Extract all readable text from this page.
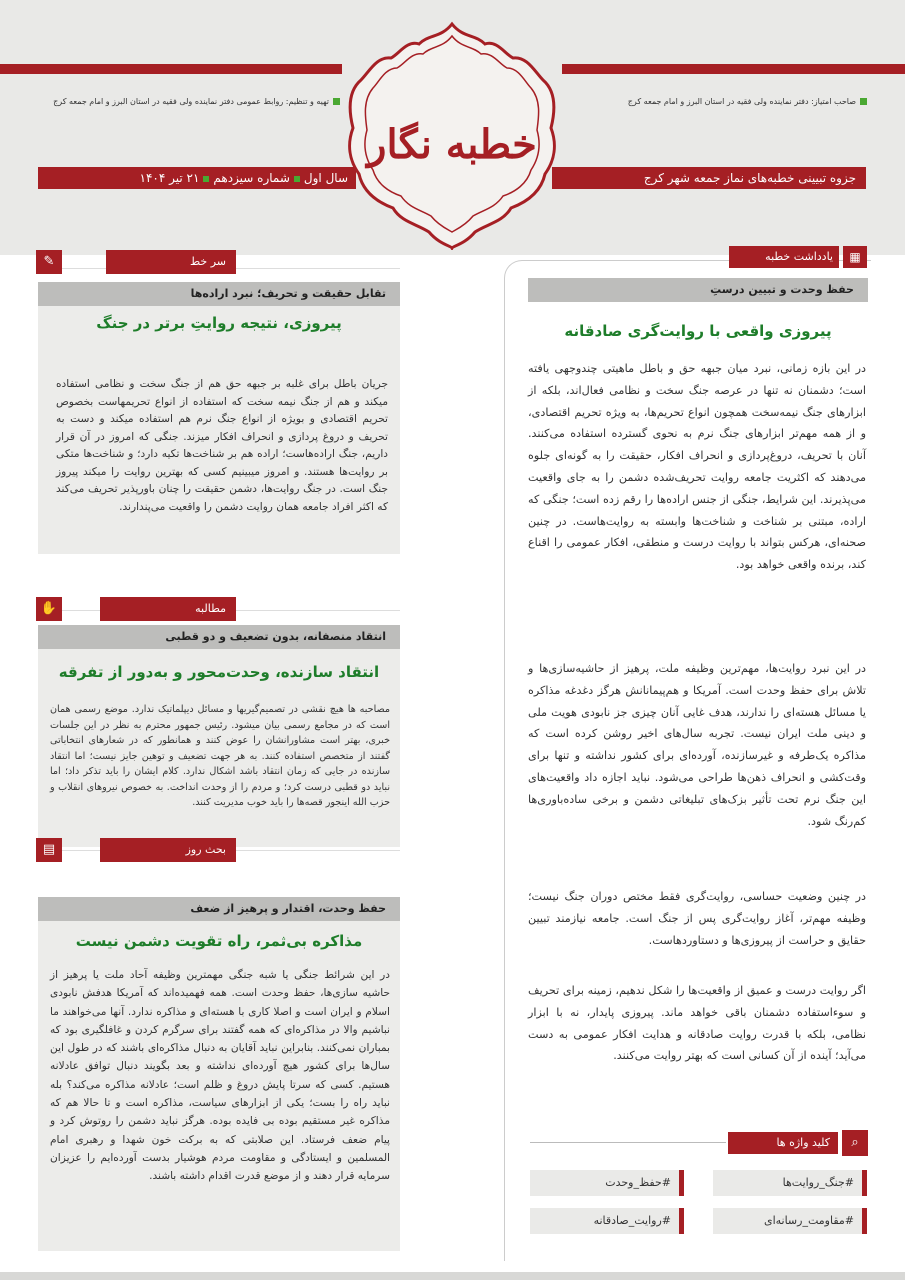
صاحب امتیاز: دفتر نماینده ولی فقیه در استان البرز و امام جمعه کرج
تهیه و تنظیم: روابط عمومی دفتر نماینده ولی فقیه در استان البرز و امام جمعه کرج
سال اولشماره سیزدهم۲۱ تیر ۱۴۰۴	جزوه تبیینی خطبه‌های نماز جمعه شهر کرج
خطبه نگار
سر خط
✎
تقابل حقیقت و تحریف؛ نبرد اراده‌ها
پیروزی، نتیجه روایتِ برتر در جنگ
جریان باطل برای غلبه بر جبهه حق هم از جنگ سخت و نظامی استفاده میکند و هم از جنگ نیمه سخت که استفاده از انواع تحریمهاست بخصوص تحریم اقتصادی و بویژه از انواع جنگ نرم هم استفاده میکند و دست به تحریف و دروغ پردازی و انحراف افکار میزند. جنگی که امروز در آن قرار داریم، جنگ اراده‌هاست؛ اراده هم بر شناخت‌ها تکیه دارد؛ و شناخت‌ها متکی بر روایت‌ها هستند. و امروز میبینیم کسی که بهترین روایت را میکند پیروز جنگ است. در جنگ روایت‌ها، دشمن حقیقت را چنان باورپذیر تحریف می‌کند که اکثر افراد جامعه همان روایت دشمن را واقعیت می‌پندارند.
مطالبه
✋
انتقاد منصفانه، بدون تضعیف و دو قطبی
انتقاد سازنده، وحدت‌محور و به‌دور از تفرقه
مصاحبه ها هیچ نقشی در تصمیم‌گیریها و مسائل دیپلماتیک ندارد. موضع رسمی همان است که در مجامع رسمی بیان میشود. رئیس جمهور محترم به نظر در این جلسات خبری، بهتر است مشاورانشان را عوض کنند و همانطور که در شعارهای انتخاباتی گفتند از متخصص استفاده کنند. به هر جهت تضعیف و توهین جایز نیست؛ اما انتقاد سازنده در جایی که زمان انتقاد باشد اشکال ندارد. کلام ایشان را باید تذکر داد؛ اما نباید دو قطبی درست کرد؛ و مردم را از وحدت انداخت. به خصوص نیروهای انقلاب و حزب الله اینجور قصه‌ها را باید خوب مدیریت کنند.
بحث روز
▤
حفظ وحدت، اقتدار و پرهیز از ضعف
مذاکره بی‌ثمر، راه تقویت دشمن نیست
در این شرائط جنگی یا شبه جنگی مهمترین وظیفه آحاد ملت یا پرهیز از حاشیه سازی‌ها، حفظ وحدت است. همه فهمیده‌اند که آمریکا هدفش نابودی اسلام و ایران است و اصلا کاری با هسته‌ای و مذاکره ندارد. آنها می‌خواهند ما نباشیم والا در مذاکره‌ای که همه گفتند برای سرگرم کردن و غافلگیری بود که بمباران نمی‌کنند. بنابراین نباید آقایان به دنبال مذاکره‌ای باشند که در طول این سال‌ها برای کشور هیچ آورده‌ای نداشته و بعد بگویند دنبال توافق عادلانه هستیم. کسی که سرتا پایش دروغ و ظلم است؛ عادلانه مذاکره می‌کند؟ بله نباید راه را بست؛ یکی از ابزارهای سیاست، مذاکره است و تا حالا هم که مذاکره غیر مستقیم بوده بی فایده بوده. هرگز نباید دشمن را روتوش کرد و پیام ضعف فرستاد. این صلابتی که به برکت خون شهدا و رهبری امام المسلمین و ایستادگی و مقاومت مردم هوشیار بدست آورده‌ایم را عزیزان سرمایه قرار دهند و از موضع قدرت اقدام داشته باشند.
▦
یادداشت خطبه
حفظ وحدت و تبیین درستِ
پیروزی واقعی با روایت‌گری صادقانه
در این بازه زمانی، نبرد میان جبهه حق و باطل ماهیتی چندوجهی یافته است؛ دشمنان نه تنها در عرصه جنگ سخت و نظامی فعال‌اند، بلکه از ابزارهای جنگ نیمه‌سخت همچون انواع تحریم‌ها، به ویژه تحریم اقتصادی، و از همه مهم‌تر ابزارهای جنگ نرم به نحوی گسترده استفاده می‌کنند. آنان با تحریف، دروغ‌پردازی و انحراف افکار، حقیقت را به گونه‌ای جلوه می‌دهند که اکثریت جامعه روایت تحریف‌شده دشمن را به جای واقعیت می‌پذیرند. این شرایط، جنگی از جنس اراده‌ها را رقم زده است؛ جنگی که اراده، مبتنی بر شناخت و شناخت‌ها وابسته به روایت‌هاست. در چنین صحنه‌ای، هرکس بتواند با روایت درست و منطقی، افکار عمومی را اقناع کند، برنده واقعی خواهد بود.
در این نبرد روایت‌ها، مهم‌ترین وظیفه ملت، پرهیز از حاشیه‌سازی‌ها و تلاش برای حفظ وحدت است. آمریکا و هم‌پیمانانش هرگز دغدغه مذاکره یا مسائل هسته‌ای را ندارند، هدف غایی آنان چیزی جز نابودی هویت ملی و دینی ملت ایران نیست. تجربه سال‌های اخیر روشن کرده است که مذاکره یک‌طرفه و غیرسازنده، آورده‌ای برای کشور نداشته و تنها برای وقت‌کشی و انحراف ذهن‌ها طراحی می‌شود. نباید اجازه داد واقعیت‌های این جنگ نرم تحت تأثیر بزک‌های تبلیغاتی دشمن و برخی ساده‌باوری‌ها کم‌رنگ شود.
در چنین وضعیت حساسی، روایت‌گری فقط مختص دوران جنگ نیست؛ وظیفه مهم‌تر، آغاز روایت‌گری پس از جنگ است. جامعه نیازمند تبیین حقایق و حراست از پیروزی‌ها و دستاوردهاست.
اگر روایت درست و عمیق از واقعیت‌ها را شکل ندهیم، زمینه برای تحریف و سوءاستفاده دشمنان باقی خواهد ماند. پیروزی پایدار، نه با ابزار نظامی، بلکه با قدرت روایت صادقانه و هدایت افکار عمومی به دست می‌آید؛ آینده از آن کسانی است که بهتر روایت می‌کنند.
کلید واژه ها	⌕
#جنگ_روایت‌ها
#حفظ_وحدت
#مقاومت_رسانه‌ای
#روایت_صادقانه
